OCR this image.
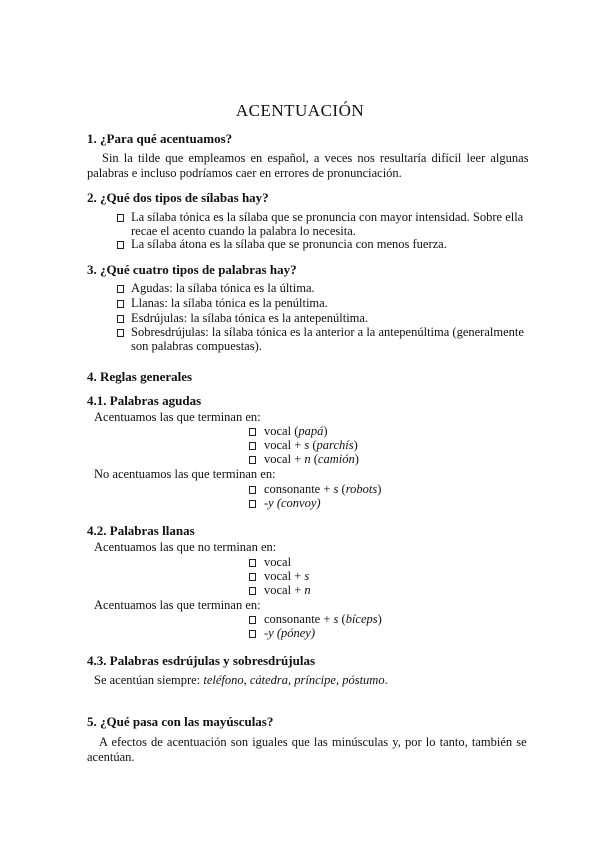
ACENTUACIÓN
1. ¿Para qué acentuamos?
Sin la tilde que empleamos en español, a veces nos resultaría difícil leer algunas
palabras e incluso podríamos caer en errores de pronunciación.
2. ¿Qué dos tipos de sílabas hay?
La sílaba tónica es la sílaba que se pronuncia con mayor intensidad. Sobre ella
recae el acento cuando la palabra lo necesita.
La sílaba átona es la sílaba que se pronuncia con menos fuerza.
3. ¿Qué cuatro tipos de palabras hay?
Agudas: la sílaba tónica es la última.
Llanas: la sílaba tónica es la penúltima.
Esdrújulas: la sílaba tónica es la antepenúltima.
Sobresdrújulas: la sílaba tónica es la anterior a la antepenúltima (generalmente
son palabras compuestas).
4. Reglas generales
4.1. Palabras agudas
Acentuamos las que terminan en:
vocal (papá)
vocal + s (parchís)
vocal + n (camión)
No acentuamos las que terminan en:
consonante + s (robots)
-y (convoy)
4.2. Palabras llanas
Acentuamos las que no terminan en:
vocal
vocal + s
vocal + n
Acentuamos las que terminan en:
consonante + s (bíceps)
-y (póney)
4.3. Palabras esdrújulas y sobresdrújulas
Se acentúan siempre: teléfono, cátedra, príncipe, póstumo.
5. ¿Qué pasa con las mayúsculas?
A efectos de acentuación son iguales que las minúsculas y, por lo tanto, también se
acentúan.
